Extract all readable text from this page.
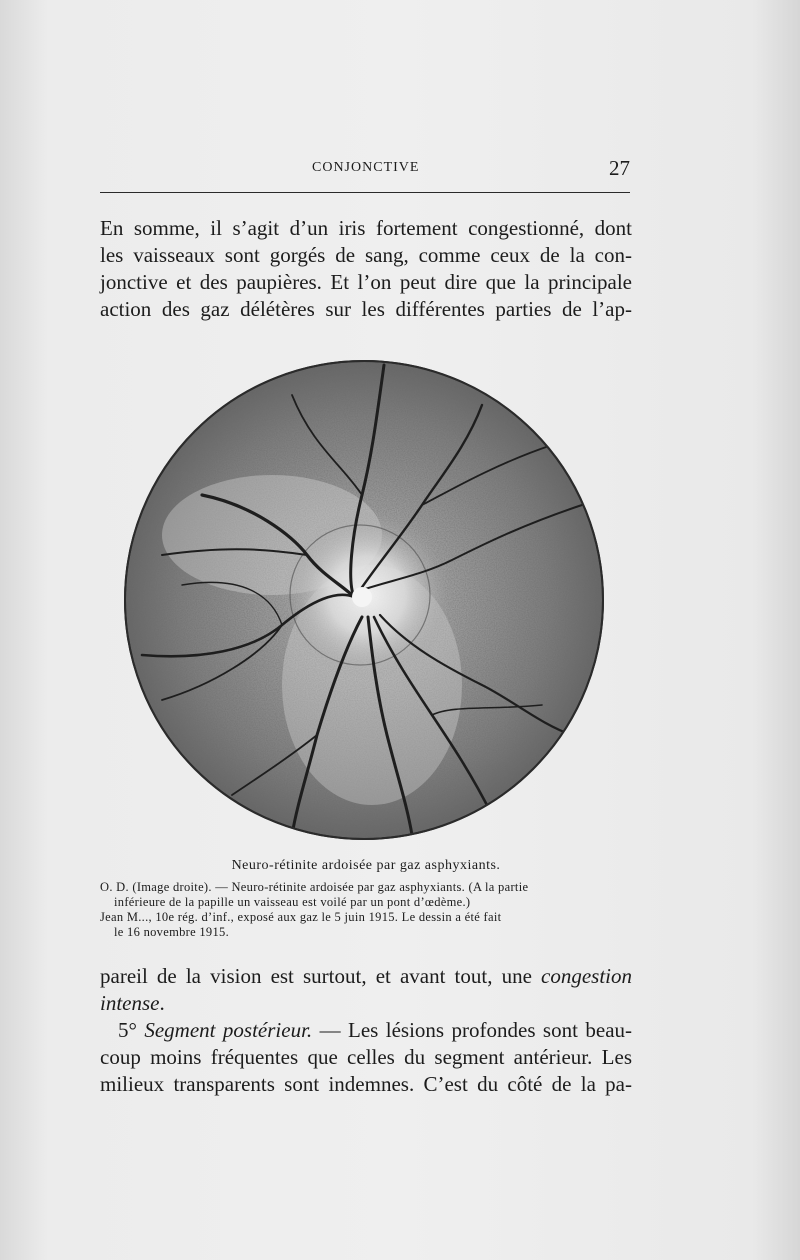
CONJONCTIVE	27
En somme, il s’agit d’un iris fortement congestionné, dont
les vaisseaux sont gorgés de sang, comme ceux de la con-
jonctive et des paupières. Et l’on peut dire que la principale
action des gaz délétères sur les différentes parties de l’ap-
Neuro-rétinite ardoisée par gaz asphyxiants.
O. D. (Image droite). — Neuro-rétinite ardoisée par gaz asphyxiants. (A la partie
inférieure de la papille un vaisseau est voilé par un pont d’œdème.)
Jean M..., 10e rég. d’inf., exposé aux gaz le 5 juin 1915. Le dessin a été fait
le 16 novembre 1915.
pareil de la vision est surtout, et avant tout, une congestion
intense.
5° Segment postérieur. — Les lésions profondes sont beau-
coup moins fréquentes que celles du segment antérieur. Les
milieux transparents sont indemnes. C’est du côté de la pa-
